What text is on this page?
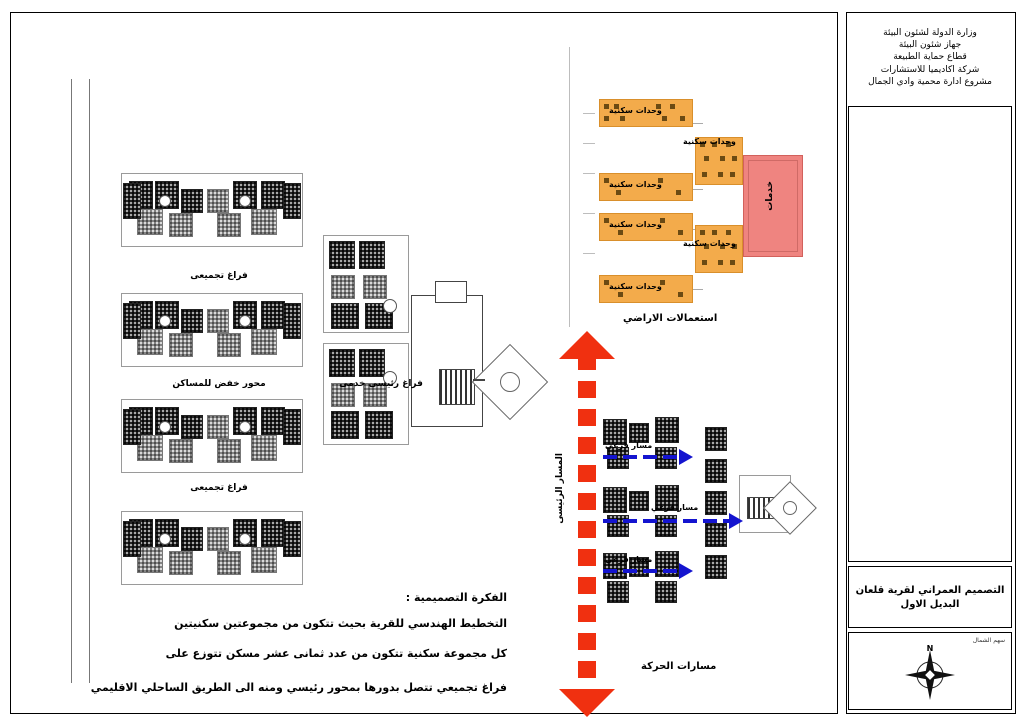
فراغ تجميعى
محور خفض للمساكن
فراغ تجميعى
فراغ رئيسى خدمى
وحدات سكنية
وحدات سكنية
وحدات سكنية
وحدات سكنية
وحدات سكنية
وحدات سكنية
خدمات
استعمالات الاراضي
مسار فرعي
مسار فرعي
مسار فرعي
مسارات الحركة
المسار الرئيسى
الفكرة التصميمية :
التخطيط الهندسي للقرية بحيث تتكون من مجموعتين سكنيتين
كل مجموعة سكنية تتكون من عدد ثمانى عشر مسكن تتوزع على
فراغ تجميعي تتصل بدورها بمحور رئيسي ومنه الى الطريق الساحلي الاقليمي
وزارة الدولة لشئون البيئة
جهاز شئون البيئة
قطاع حماية الطبيعة
شركة اكاديميا للاستشارات
مشروع ادارة محمية وادي الجمال
التصميم العمراني لقرية قلعان
البديل الاول
سهم الشمال
N
